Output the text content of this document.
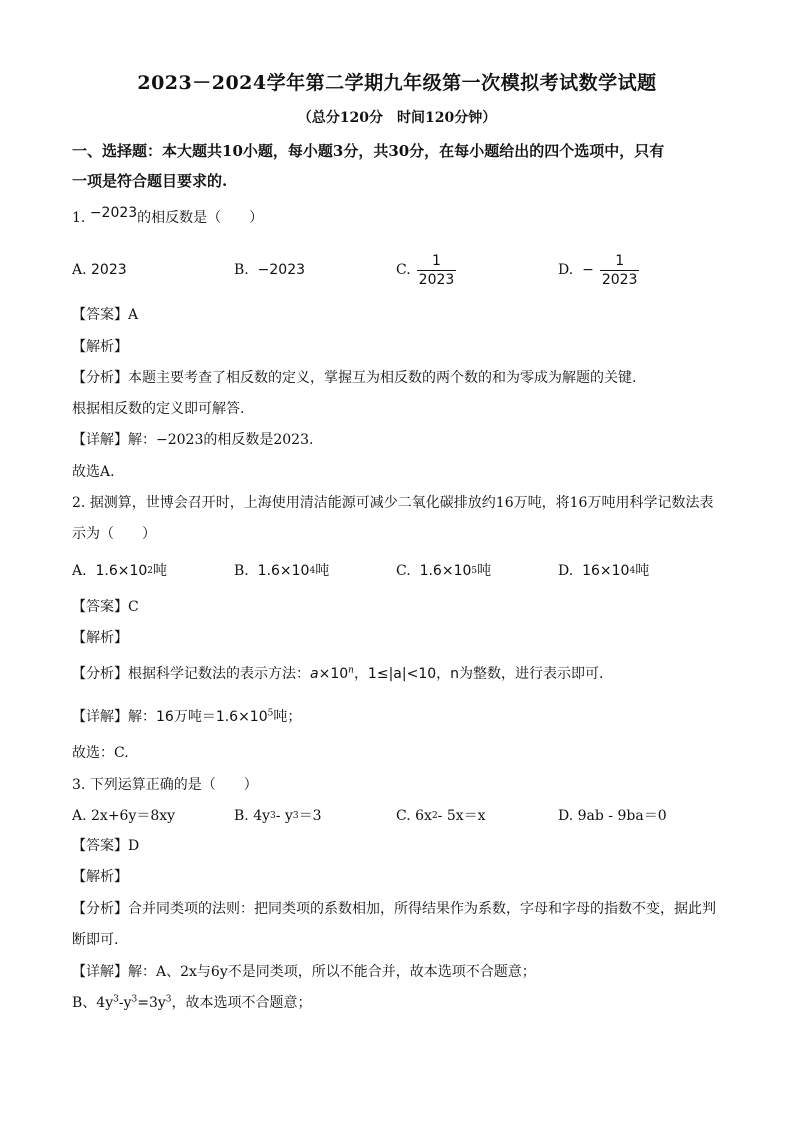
2023－2024学年第二学期九年级第一次模拟考试数学试题
（总分120分　时间120分钟）
一、选择题：本大题共10小题，每小题3分，共30分，在每小题给出的四个选项中，只有
一项是符合题目要求的.
1. −2023的相反数是（　　）
A.
2023	B.
−2023	C. $\frac{1}{2023}$	D.
− $\frac{1}{2023}$
【答案】A
【解析】
【分析】本题主要考查了相反数的定义，掌握互为相反数的两个数的和为零成为解题的关键.
根据相反数的定义即可解答.
【详解】解：−2023的相反数是2023.
故选A.
2. 据测算，世博会召开时，上海使用清洁能源可减少二氧化碳排放约16万吨，将16万吨用科学记数法表
示为（　　）
A.
1.6×10 2 吨	B.
1.6×10 4 吨	C.
1.6×10 5 吨	D.
16×10 4 吨
【答案】C
【解析】
【分析】根据科学记数法的表示方法：$a\times 10^n$，1≤|a|<10，n为整数，进行表示即可.
【详解】解：16万吨$=1.6\times 10^5$吨；
故选：C.
3. 下列运算正确的是（　　）
A.
2x+6y＝8xy	B.
4y 3 - y 3 ＝3	C.
6x 2 - 5x＝x	D.
9ab - 9ba＝0
【答案】D
【解析】
【分析】合并同类项的法则：把同类项的系数相加，所得结果作为系数，字母和字母的指数不变，据此判
断即可.
【详解】解：A、2x与6y不是同类项，所以不能合并，故本选项不合题意；
B、$4y^3-y^3=3y^3$，故本选项不合题意；
